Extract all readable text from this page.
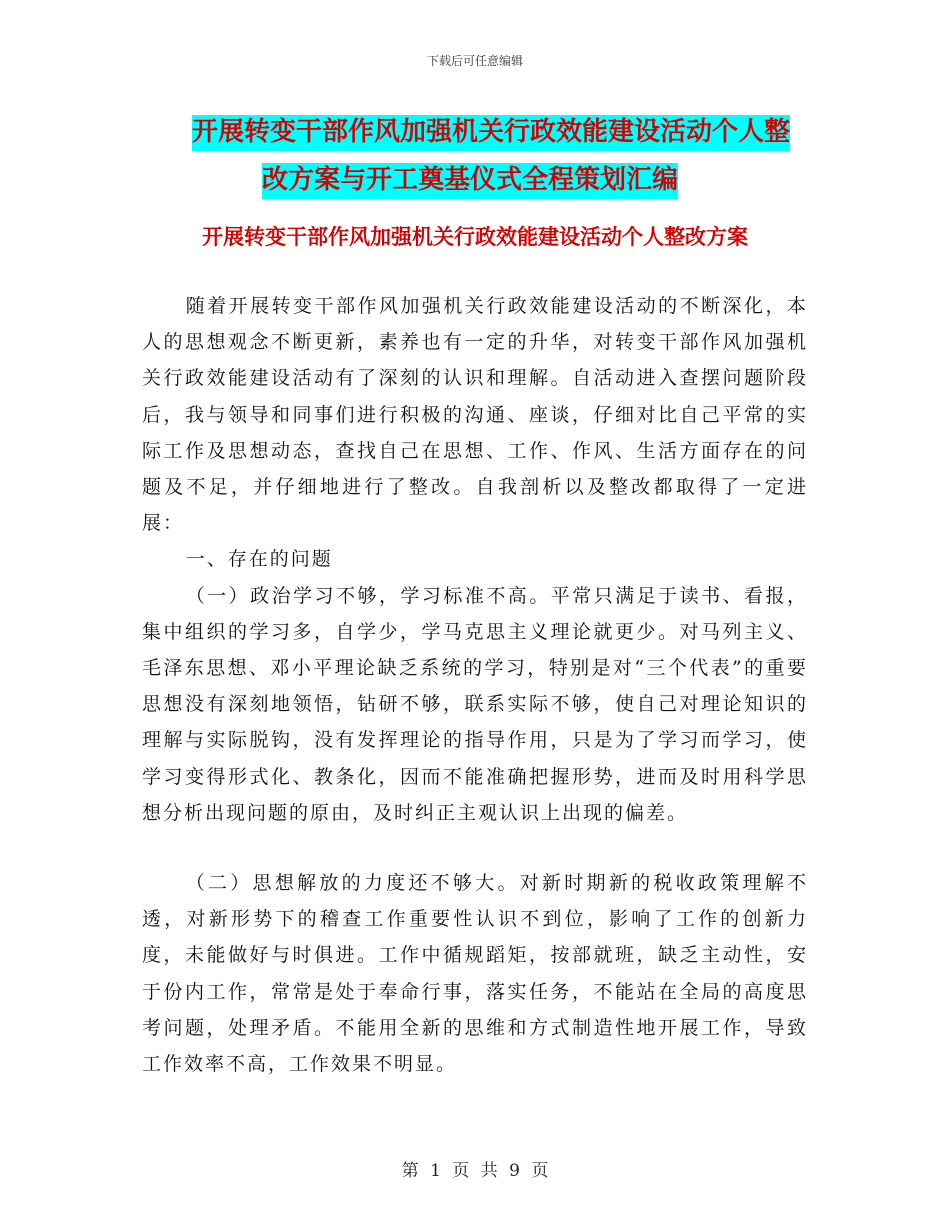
下载后可任意编辑
开展转变干部作风加强机关行政效能建设活动个人整
改方案与开工奠基仪式全程策划汇编
开展转变干部作风加强机关行政效能建设活动个人整改方案

随着开展转变干部作风加强机关行政效能建设活动的不断深化，本人的思想观念不断更新，素养也有一定的升华，对转变干部作风加强机关行政效能建设活动有了深刻的认识和理解。自活动进入查摆问题阶段后，我与领导和同事们进行积极的沟通、座谈，仔细对比自己平常的实际工作及思想动态，查找自己在思想、工作、作风、生活方面存在的问题及不足，并仔细地进行了整改。自我剖析以及整改都取得了一定进展：

一、存在的问题

（一）政治学习不够，学习标准不高。平常只满足于读书、看报，集中组织的学习多，自学少，学马克思主义理论就更少。对马列主义、毛泽东思想、邓小平理论缺乏系统的学习，特别是对“三个代表”的重要思想没有深刻地领悟，钻研不够，联系实际不够，使自己对理论知识的理解与实际脱钩，没有发挥理论的指导作用，只是为了学习而学习，使学习变得形式化、教条化，因而不能准确把握形势，进而及时用科学思想分析出现问题的原由，及时纠正主观认识上出现的偏差。

（二）思想解放的力度还不够大。对新时期新的税收政策理解不透，对新形势下的稽查工作重要性认识不到位，影响了工作的创新力度，未能做好与时俱进。工作中循规蹈矩，按部就班，缺乏主动性，安于份内工作，常常是处于奉命行事，落实任务，不能站在全局的高度思考问题，处理矛盾。不能用全新的思维和方式制造性地开展工作，导致工作效率不高，工作效果不明显。

第 1 页 共 9 页
